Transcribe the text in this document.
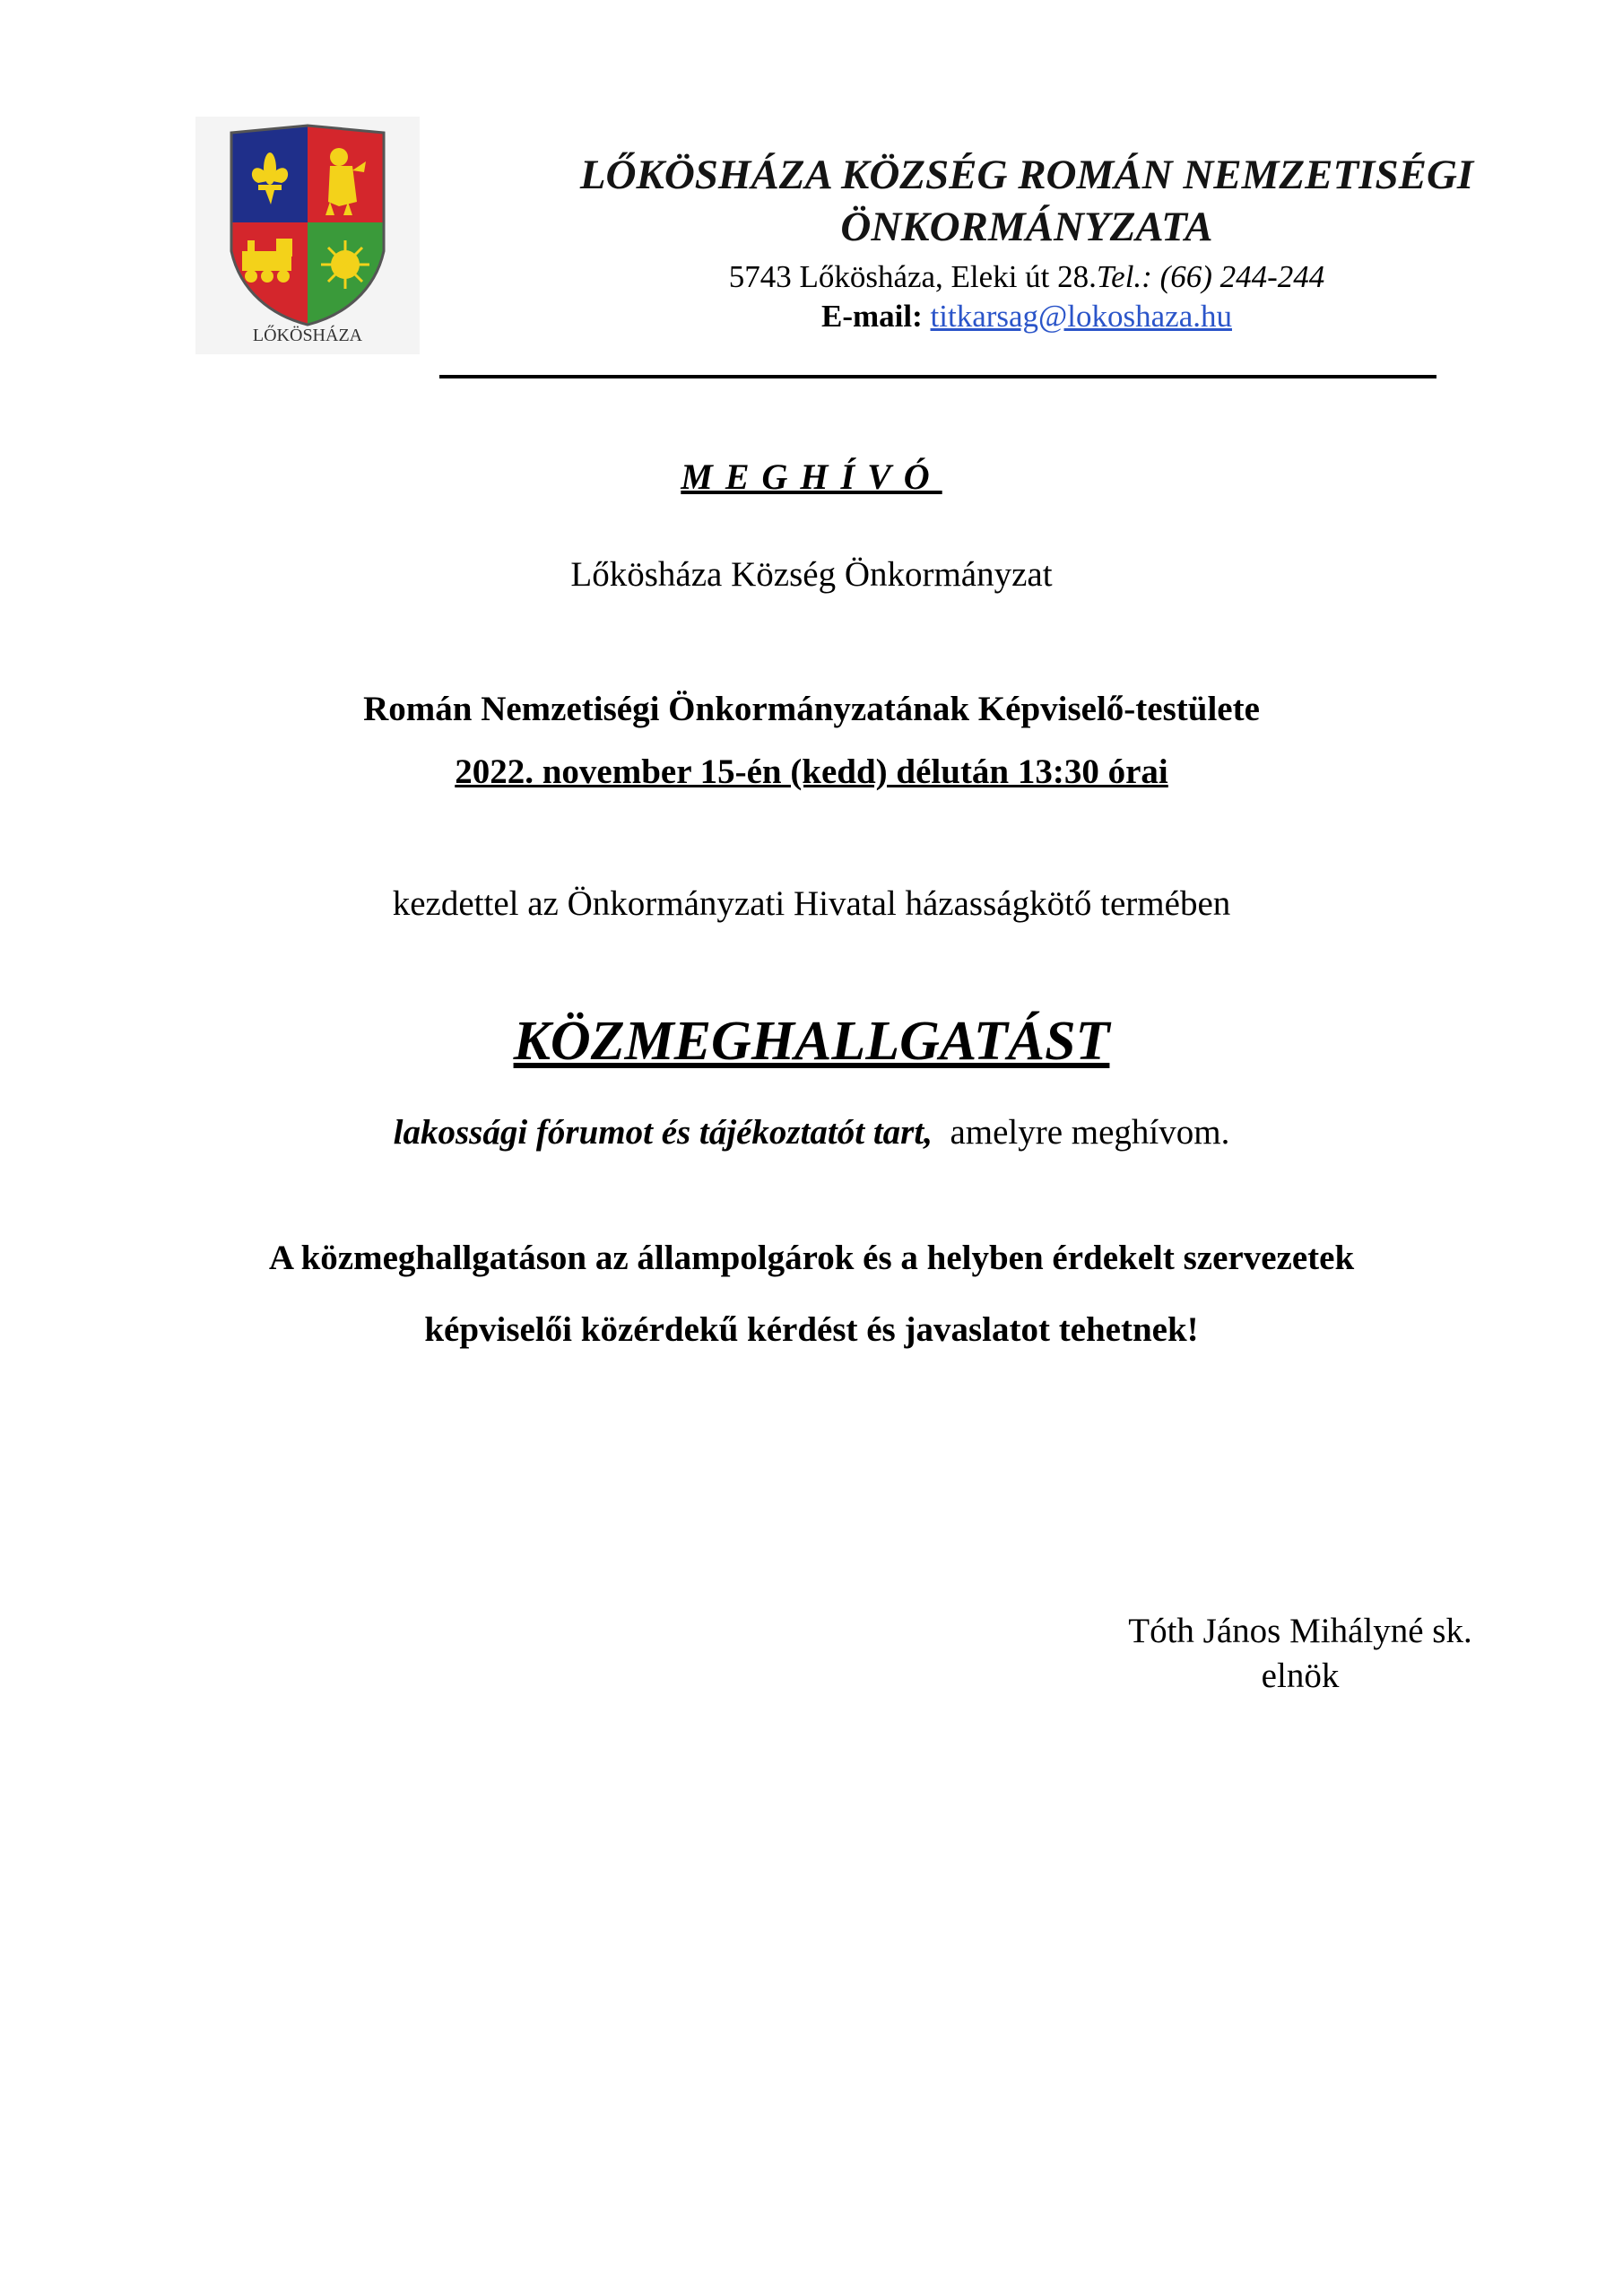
LŐKÖSHÁZA
LŐKÖSHÁZA KÖZSÉG ROMÁN NEMZETISÉGI
ÖNKORMÁNYZATA
5743 Lőkösháza, Eleki út 28.Tel.: (66) 244-244
E-mail: titkarsag@lokoshaza.hu
MEGHÍVÓ
Lőkösháza Község Önkormányzat
Román Nemzetiségi Önkormányzatának Képviselő-testülete
2022. november 15-én (kedd) délután 13:30 órai
kezdettel az Önkormányzati Hivatal házasságkötő termében
KÖZMEGHALLGATÁST
lakossági fórumot és tájékoztatót tart,  amelyre meghívom.
A közmeghallgatáson az állampolgárok és a helyben érdekelt szervezetek
képviselői közérdekű kérdést és javaslatot tehetnek!
Tóth János Mihályné sk.
elnök
